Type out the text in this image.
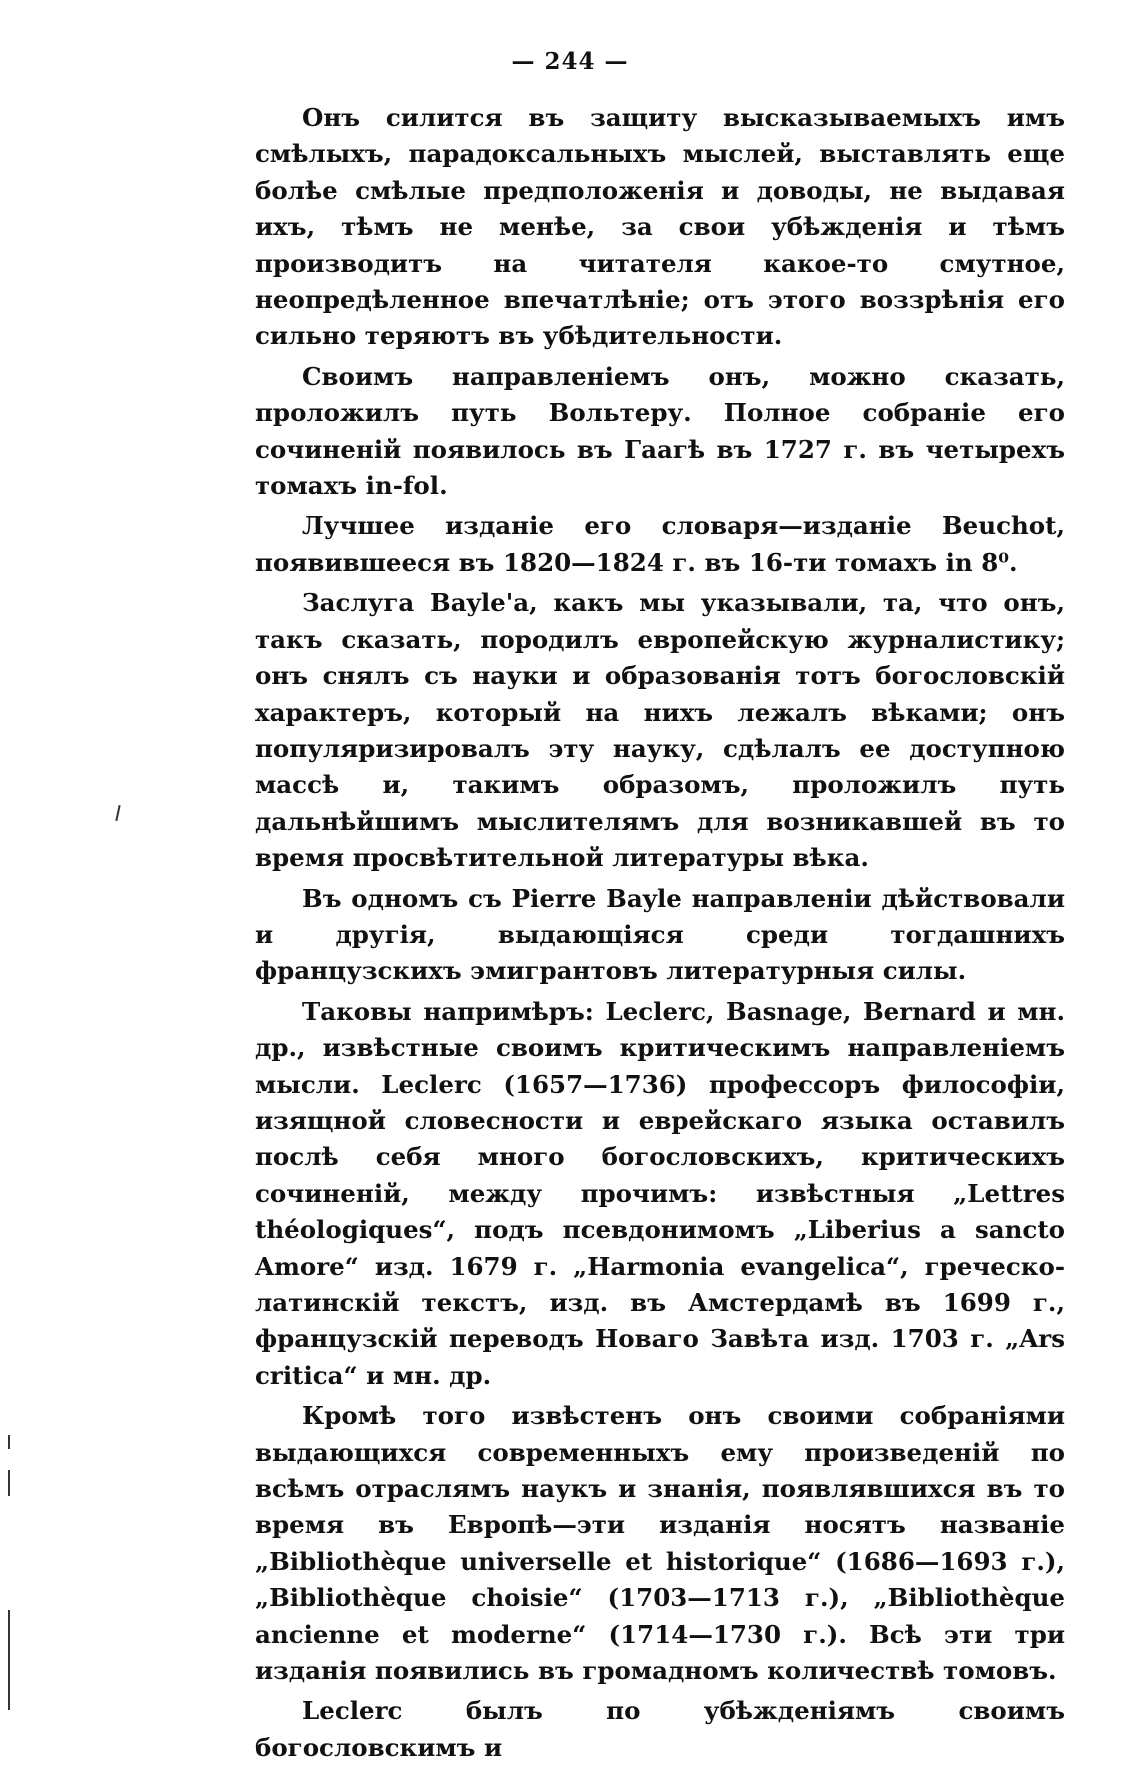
— 244 —

Онъ силится въ защиту высказываемыхъ имъ смѣлыхъ, парадоксальныхъ мыслей, выставлять еще болѣе смѣлые предположенія и доводы, не выдавая ихъ, тѣмъ не менѣе, за свои убѣжденія и тѣмъ производитъ на читателя какое-то смутное, неопредѣленное впечатлѣніе; отъ этого воззрѣнія его сильно теряютъ въ убѣдительности.

Своимъ направленіемъ онъ, можно сказать, проложилъ путь Вольтеру. Полное собраніе его сочиненій появилось въ Гаагѣ въ 1727 г. въ четырехъ томахъ in-fol.

Лучшее изданіе его словаря—изданіе Beuchot, появившееся въ 1820—1824 г. въ 16-ти томахъ in 8⁰.

Заслуга Bayle'a, какъ мы указывали, та, что онъ, такъ сказать, породилъ европейскую журналистику; онъ снялъ съ науки и образованія тотъ богословскій характеръ, который на нихъ лежалъ вѣками; онъ популяризировалъ эту науку, сдѣлалъ ее доступною массѣ и, такимъ образомъ, проложилъ путь дальнѣйшимъ мыслителямъ для возникавшей въ то время просвѣтительной литературы вѣка.

Въ одномъ съ Pierre Bayle направленіи дѣйствовали и другія, выдающіяся среди тогдашнихъ французскихъ эмигрантовъ литературныя силы.

Таковы напримѣръ: Leclerc, Basnage, Bernard и мн. др., извѣстные своимъ критическимъ направленіемъ мысли. Leclerc (1657—1736) профессоръ философіи, изящной словесности и еврейскаго языка оставилъ послѣ себя много богословскихъ, критическихъ сочиненій, между прочимъ: извѣстныя „Lettres théologiques“, подъ псевдонимомъ „Liberius a sancto Amore“ изд. 1679 г. „Harmonia evangelica“, греческо-латинскій текстъ, изд. въ Амстердамѣ въ 1699 г., французскій переводъ Новаго Завѣта изд. 1703 г. „Ars critica“ и мн. др.

Кромѣ того извѣстенъ онъ своими собраніями выдающихся современныхъ ему произведеній по всѣмъ отраслямъ наукъ и знанія, появлявшихся въ то время въ Европѣ—эти изданія носятъ названіе „Bibliothèque universelle et historique“ (1686—1693 г.), „Bibliothèque choisie“ (1703—1713 г.), „Bibliothèque ancienne et moderne“ (1714—1730 г.). Всѣ эти три изданія появились въ громадномъ количествѣ томовъ.

Leclerc былъ по убѣжденіямъ своимъ богословскимъ и
